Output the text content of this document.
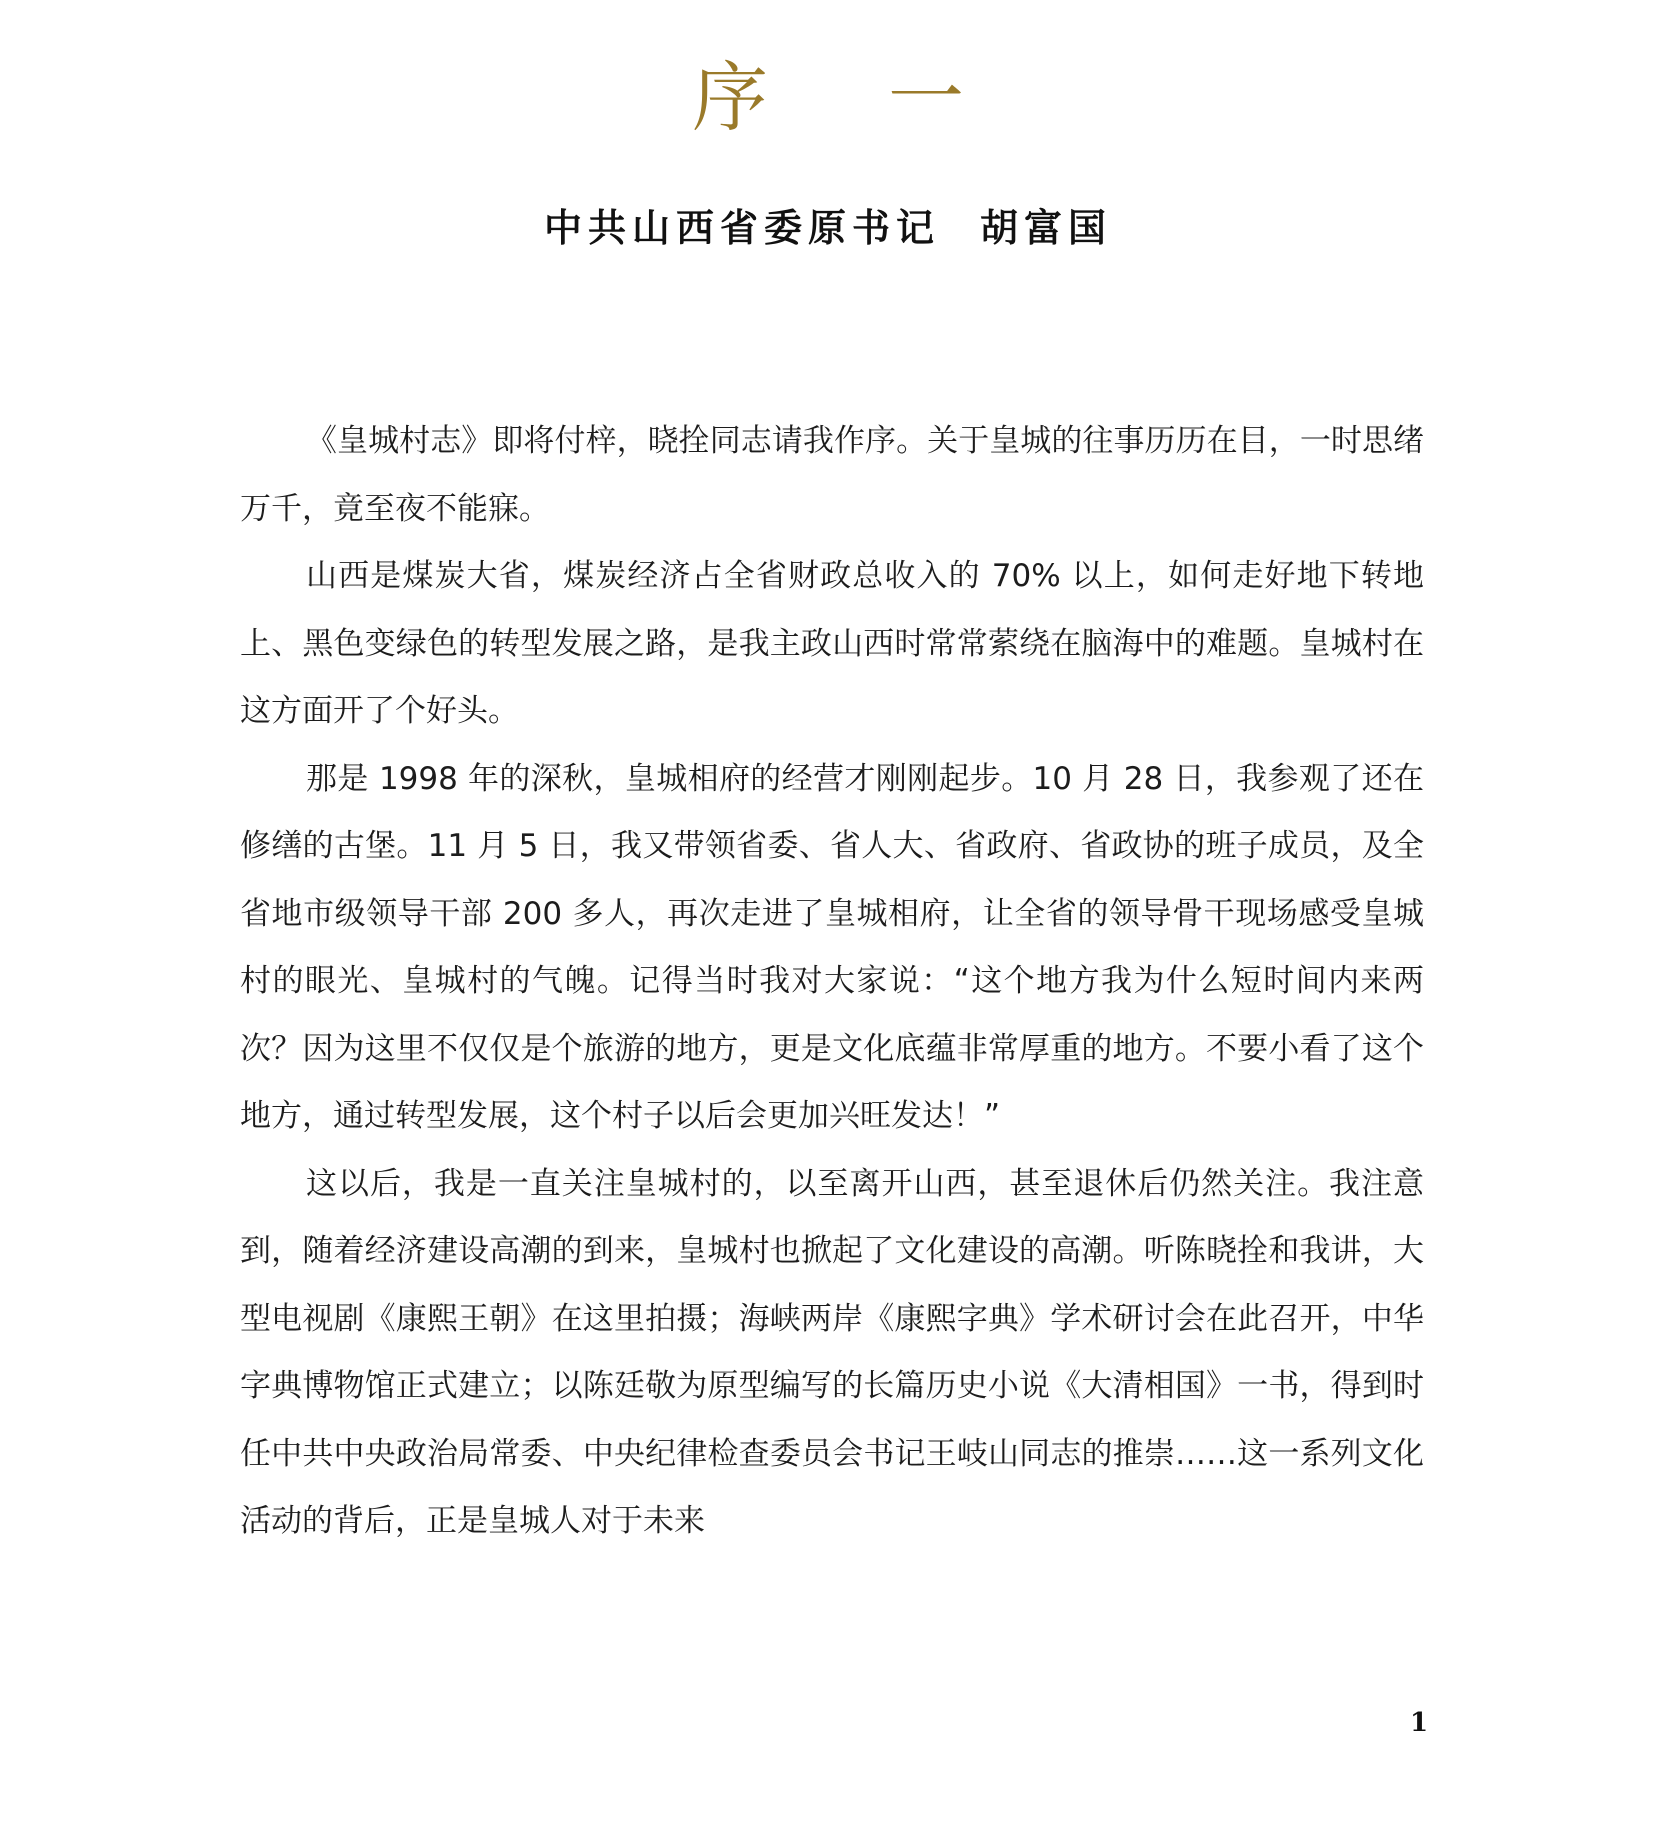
序 一
中共山西省委原书记 胡富国

《皇城村志》即将付梓，晓拴同志请我作序。关于皇城的往事历历在目，一时思绪万千，竟至夜不能寐。

山西是煤炭大省，煤炭经济占全省财政总收入的 70% 以上，如何走好地下转地上、黑色变绿色的转型发展之路，是我主政山西时常常萦绕在脑海中的难题。皇城村在这方面开了个好头。

那是 1998 年的深秋，皇城相府的经营才刚刚起步。10 月 28 日，我参观了还在修缮的古堡。11 月 5 日，我又带领省委、省人大、省政府、省政协的班子成员，及全省地市级领导干部 200 多人，再次走进了皇城相府，让全省的领导骨干现场感受皇城村的眼光、皇城村的气魄。记得当时我对大家说：“这个地方我为什么短时间内来两次？因为这里不仅仅是个旅游的地方，更是文化底蕴非常厚重的地方。不要小看了这个地方，通过转型发展，这个村子以后会更加兴旺发达！”

这以后，我是一直关注皇城村的，以至离开山西，甚至退休后仍然关注。我注意到，随着经济建设高潮的到来，皇城村也掀起了文化建设的高潮。听陈晓拴和我讲，大型电视剧《康熙王朝》在这里拍摄；海峡两岸《康熙字典》学术研讨会在此召开，中华字典博物馆正式建立；以陈廷敬为原型编写的长篇历史小说《大清相国》一书，得到时任中共中央政治局常委、中央纪律检查委员会书记王岐山同志的推崇……这一系列文化活动的背后，正是皇城人对于未来

1
